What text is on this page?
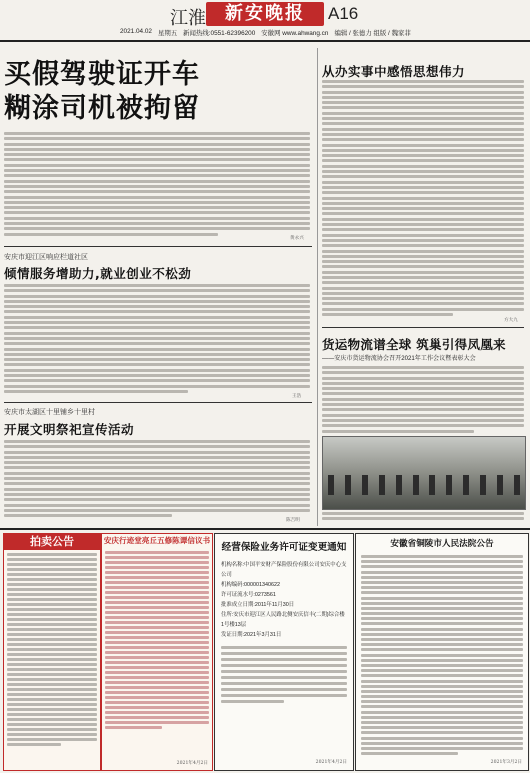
江淮	新安晚报	A16
2021.04.02 星期五 新闻热线:0551-62396200 安徽网 www.ahwang.cn 编辑 / 张德力 组版 / 魏家菲
买假驾驶证开车
糊涂司机被拘留
黄永兴
安庆市迎江区响应栏道社区
倾情服务增助力,就业创业不松劲
王浩
安庆市太湖区十里铺乡十里村
开展文明祭祀宣传活动
陈吉明
从办实事中感悟思想伟力
方大九
货运物流谱全球 筑巢引得凤凰来
——安庆市货运物流协会召开2021年工作会议暨表彰大会
拍卖公告	安庆行迹堂亮丘五修陈谭信议书
2021年4月2日
经营保险业务许可证变更通知
机构名称:中国平安财产保险股份有限公司安庆中心支公司
机构编码:000001340622
许可证流水号:0273561
批准成立日期:2011年11月30日
住所:安庆市迎江区人民路北侧安庆信丰(二期)综合楼1号楼13层
发证日期:2021年3月31日
2021年4月2日
安徽省铜陵市人民法院公告
2021年3月2日
